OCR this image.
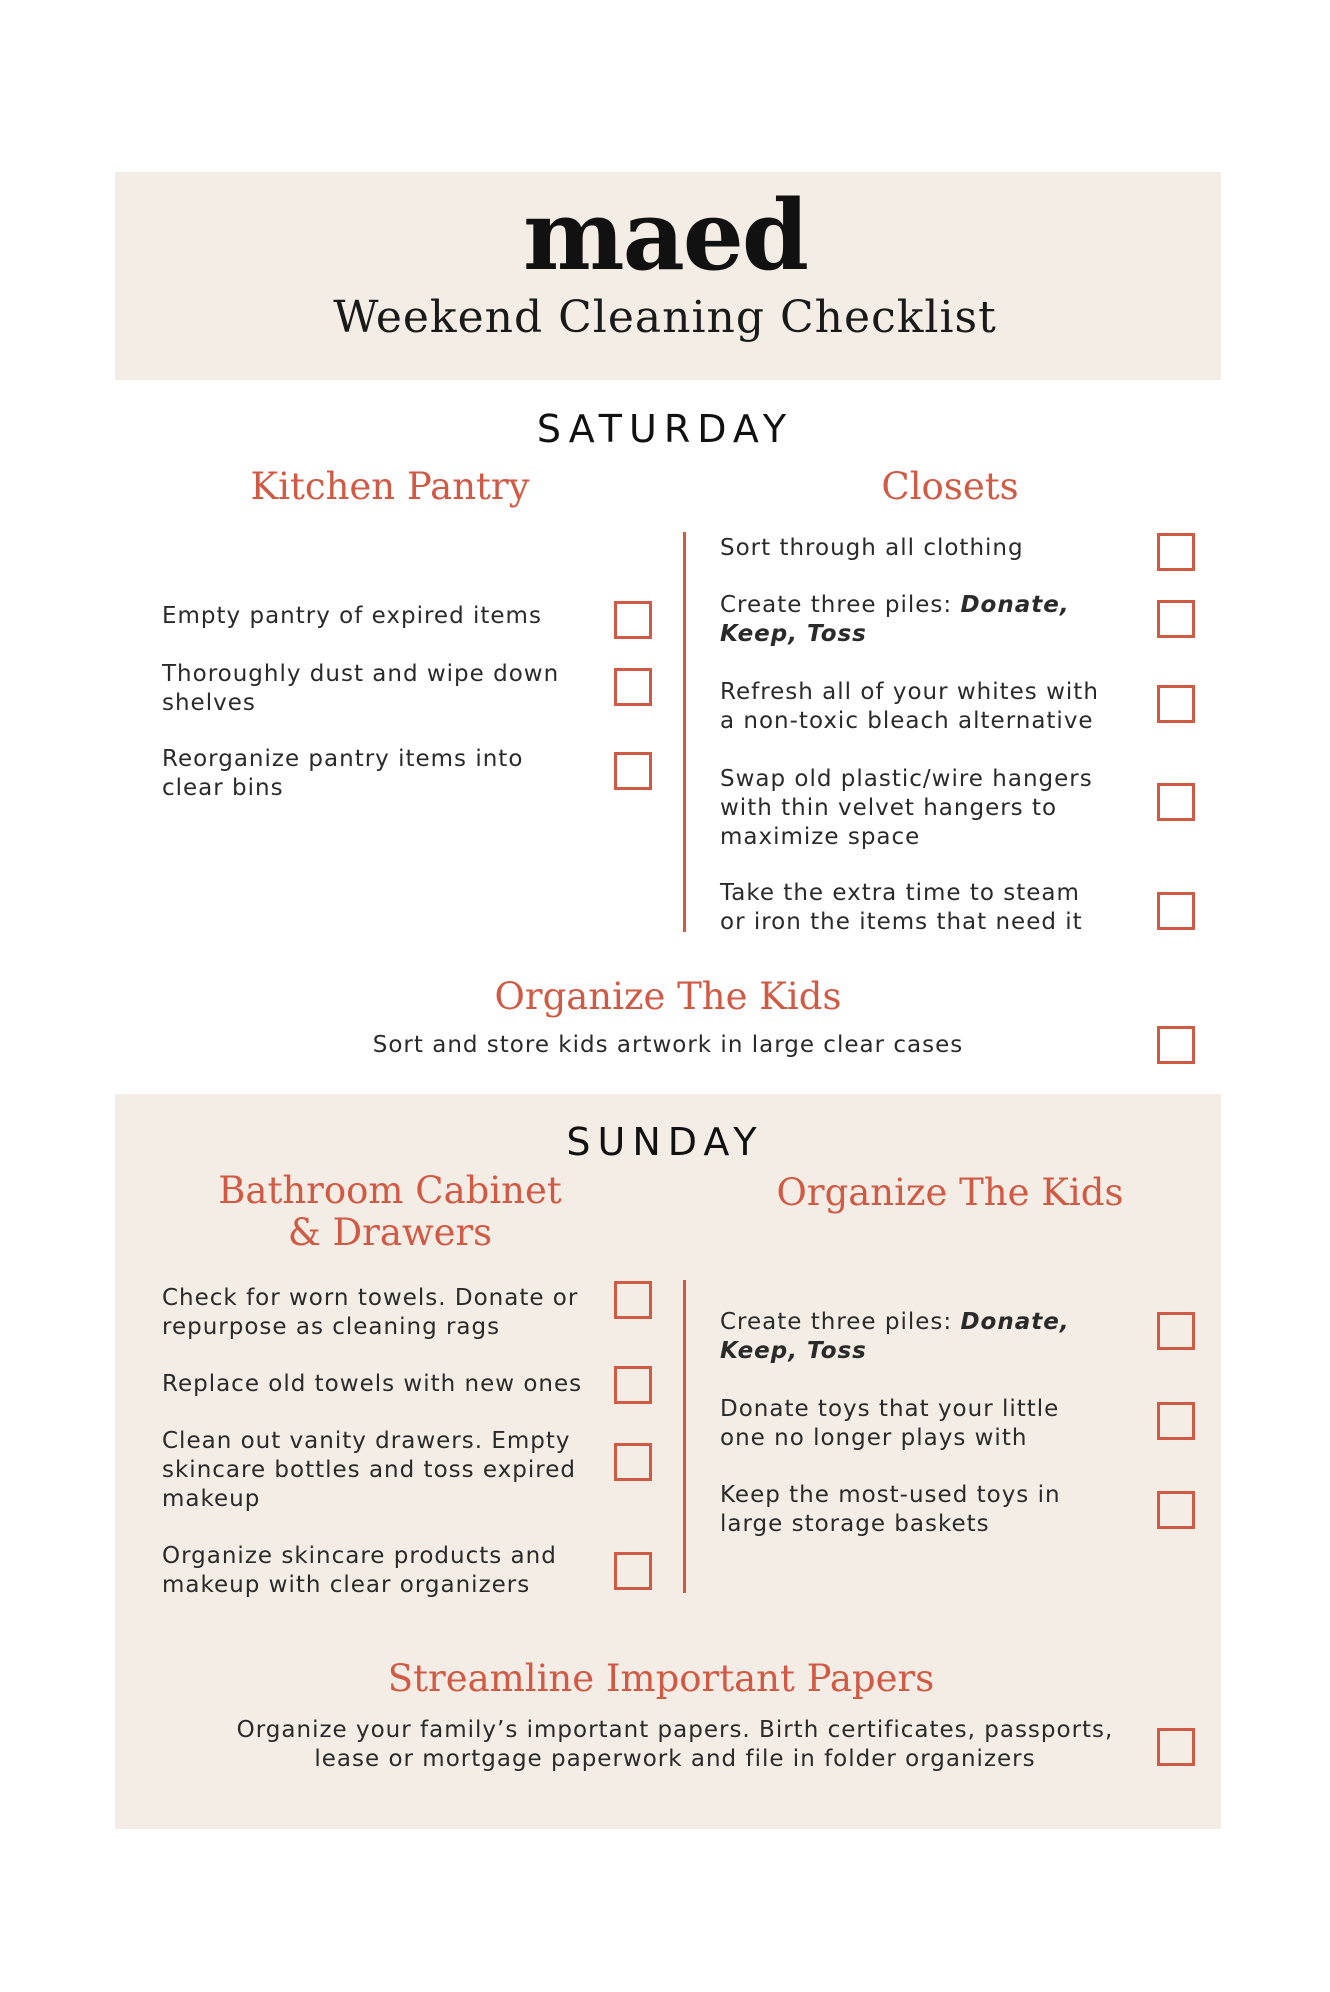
maed
Weekend Cleaning Checklist
SATURDAY
Kitchen Pantry	Closets
Empty pantry of expired items
Thoroughly dust and wipe down
shelves
Reorganize pantry items into
clear bins
Sort through all clothing
Create three piles: Donate,
Keep, Toss
Refresh all of your whites with
a non-toxic bleach alternative
Swap old plastic/wire hangers
with thin velvet hangers to
maximize space
Take the extra time to steam
or iron the items that need it
Organize The Kids
Sort and store kids artwork in large clear cases
SUNDAY
Bathroom Cabinet
& Drawers
Organize The Kids
Check for worn towels. Donate or
repurpose as cleaning rags
Replace old towels with new ones
Clean out vanity drawers. Empty
skincare bottles and toss expired
makeup
Organize skincare products and
makeup with clear organizers
Create three piles: Donate,
Keep, Toss
Donate toys that your little
one no longer plays with
Keep the most-used toys in
large storage baskets
Streamline Important Papers
Organize your family’s important papers. Birth certificates, passports,
lease or mortgage paperwork and file in folder organizers
